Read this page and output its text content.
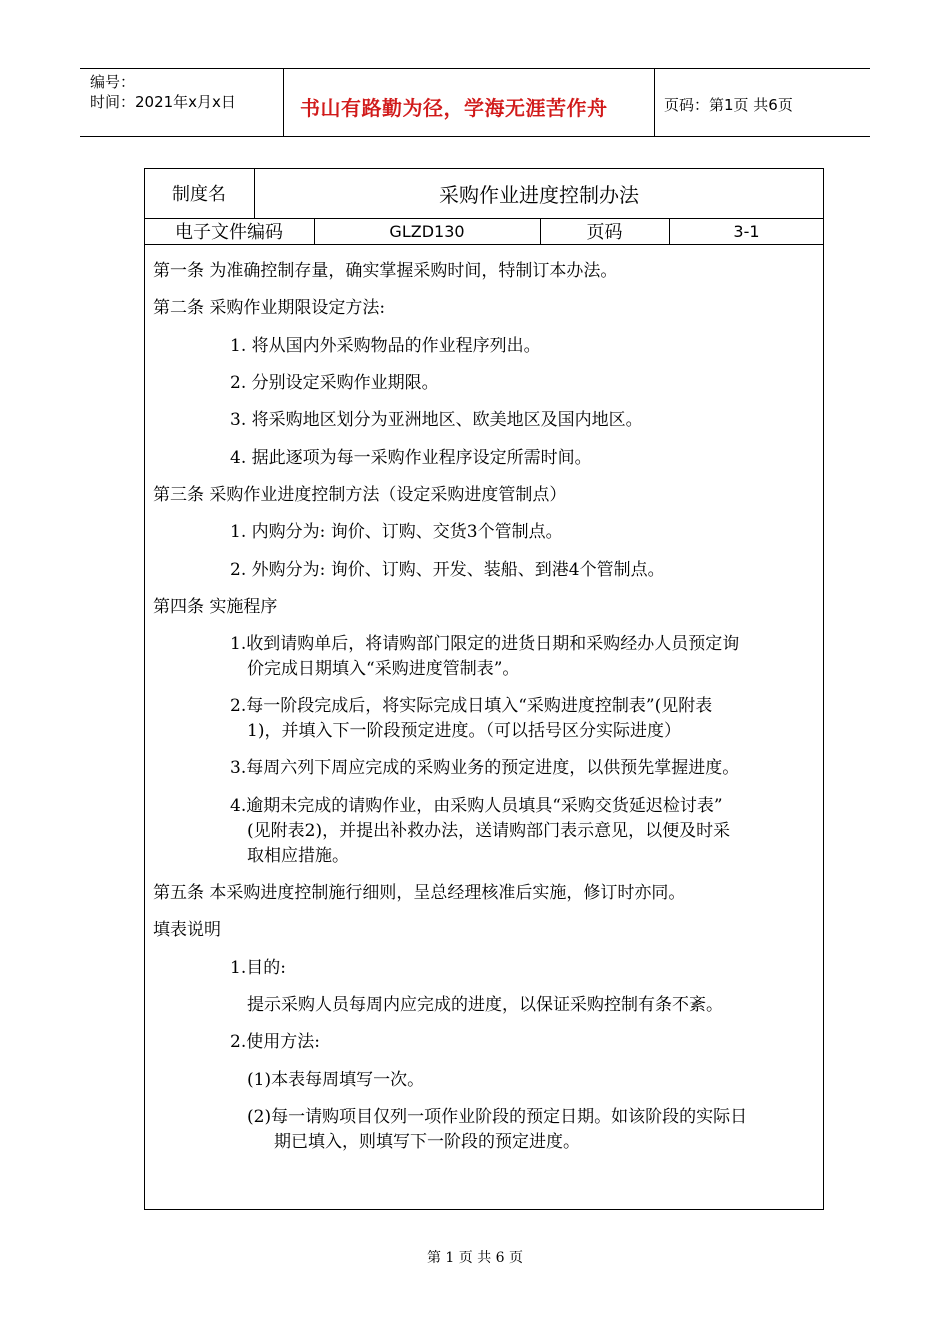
编号：
时间：2021年x月x日	书山有路勤为径，学海无涯苦作舟	页码：第1页 共6页
制度名	采购作业进度控制办法
电子文件编码	GLZD130	页码	3-1
第一条 为准确控制存量，确实掌握采购时间，特制订本办法。
第二条 采购作业期限设定方法:
1. 将从国内外采购物品的作业程序列出。
2. 分别设定采购作业期限。
3. 将采购地区划分为亚洲地区、欧美地区及国内地区。
4. 据此逐项为每一采购作业程序设定所需时间。
第三条 采购作业进度控制方法（设定采购进度管制点）
1. 内购分为: 询价、订购、交货3个管制点。
2. 外购分为: 询价、订购、开发、装船、到港4个管制点。
第四条 实施程序
1.收到请购单后，将请购部门限定的进货日期和采购经办人员预定询
价完成日期填入“采购进度管制表”。
2.每一阶段完成后，将实际完成日填入“采购进度控制表”(见附表
1)，并填入下一阶段预定进度。（可以括号区分实际进度）
3.每周六列下周应完成的采购业务的预定进度，以供预先掌握进度。
4.逾期未完成的请购作业，由采购人员填具“采购交货延迟检讨表”
(见附表2)，并提出补救办法，送请购部门表示意见，以便及时采
取相应措施。
第五条 本采购进度控制施行细则，呈总经理核准后实施，修订时亦同。
填表说明
1.目的:
提示采购人员每周内应完成的进度，以保证采购控制有条不紊。
2.使用方法:
(1)本表每周填写一次。
(2)每一请购项目仅列一项作业阶段的预定日期。如该阶段的实际日
期已填入，则填写下一阶段的预定进度。
第 1 页 共 6 页
